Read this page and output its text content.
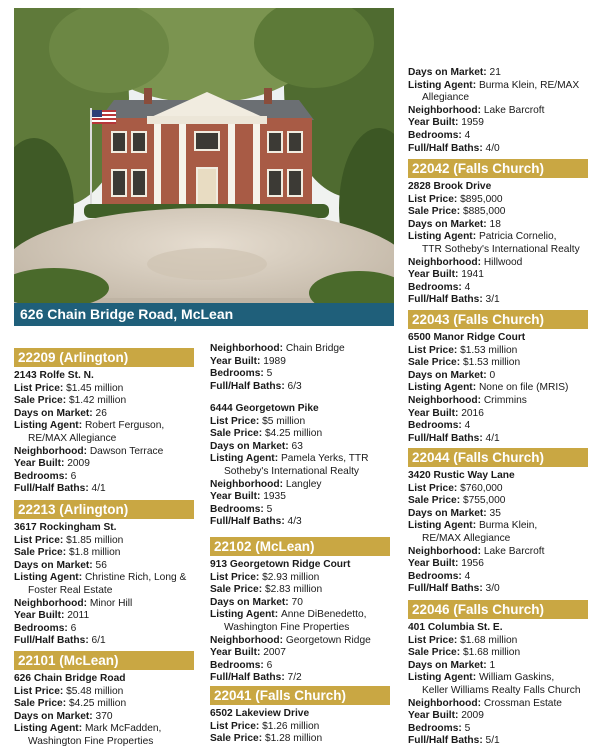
626 Chain Bridge Road, McLean
22209 (Arlington)
2143 Rolfe St. N.
List Price: $1.45 million
Sale Price: $1.42 million
Days on Market: 26
Listing Agent: Robert Ferguson,
RE/MAX Allegiance
Neighborhood: Dawson Terrace
Year Built: 2009
Bedrooms: 6
Full/Half Baths: 4/1
22213 (Arlington)
3617 Rockingham St.
List Price: $1.85 million
Sale Price: $1.8 million
Days on Market: 56
Listing Agent: Christine Rich, Long &
Foster Real Estate
Neighborhood: Minor Hill
Year Built: 2011
Bedrooms: 6
Full/Half Baths: 6/1
22101 (McLean)
626 Chain Bridge Road
List Price: $5.48 million
Sale Price: $4.25 million
Days on Market: 370
Listing Agent: Mark McFadden,
Washington Fine Properties
Neighborhood: Chain Bridge
Year Built: 1989
Bedrooms: 5
Full/Half Baths: 6/3
6444 Georgetown Pike
List Price: $5 million
Sale Price: $4.25 million
Days on Market: 63
Listing Agent: Pamela Yerks, TTR
Sotheby's International Realty
Neighborhood: Langley
Year Built: 1935
Bedrooms: 5
Full/Half Baths: 4/3
22102 (McLean)
913 Georgetown Ridge Court
List Price: $2.93 million
Sale Price: $2.83 million
Days on Market: 70
Listing Agent: Anne DiBenedetto,
Washington Fine Properties
Neighborhood: Georgetown Ridge
Year Built: 2007
Bedrooms: 6
Full/Half Baths: 7/2
22041 (Falls Church)
6502 Lakeview Drive
List Price: $1.26 million
Sale Price: $1.28 million
Days on Market: 21
Listing Agent: Burma Klein, RE/MAX
Allegiance
Neighborhood: Lake Barcroft
Year Built: 1959
Bedrooms: 4
Full/Half Baths: 4/0
22042 (Falls Church)
2828 Brook Drive
List Price: $895,000
Sale Price: $885,000
Days on Market: 18
Listing Agent: Patricia Cornelio,
TTR Sotheby's International Realty
Neighborhood: Hillwood
Year Built: 1941
Bedrooms: 4
Full/Half Baths: 3/1
22043 (Falls Church)
6500 Manor Ridge Court
List Price: $1.53 million
Sale Price: $1.53 million
Days on Market: 0
Listing Agent: None on file (MRIS)
Neighborhood: Crimmins
Year Built: 2016
Bedrooms: 4
Full/Half Baths: 4/1
22044 (Falls Church)
3420 Rustic Way Lane
List Price: $760,000
Sale Price: $755,000
Days on Market: 35
Listing Agent: Burma Klein,
RE/MAX Allegiance
Neighborhood: Lake Barcroft
Year Built: 1956
Bedrooms: 4
Full/Half Baths: 3/0
22046 (Falls Church)
401 Columbia St. E.
List Price: $1.68 million
Sale Price: $1.68 million
Days on Market: 1
Listing Agent: William Gaskins,
Keller Williams Realty Falls Church
Neighborhood: Crossman Estate
Year Built: 2009
Bedrooms: 5
Full/Half Baths: 5/1
